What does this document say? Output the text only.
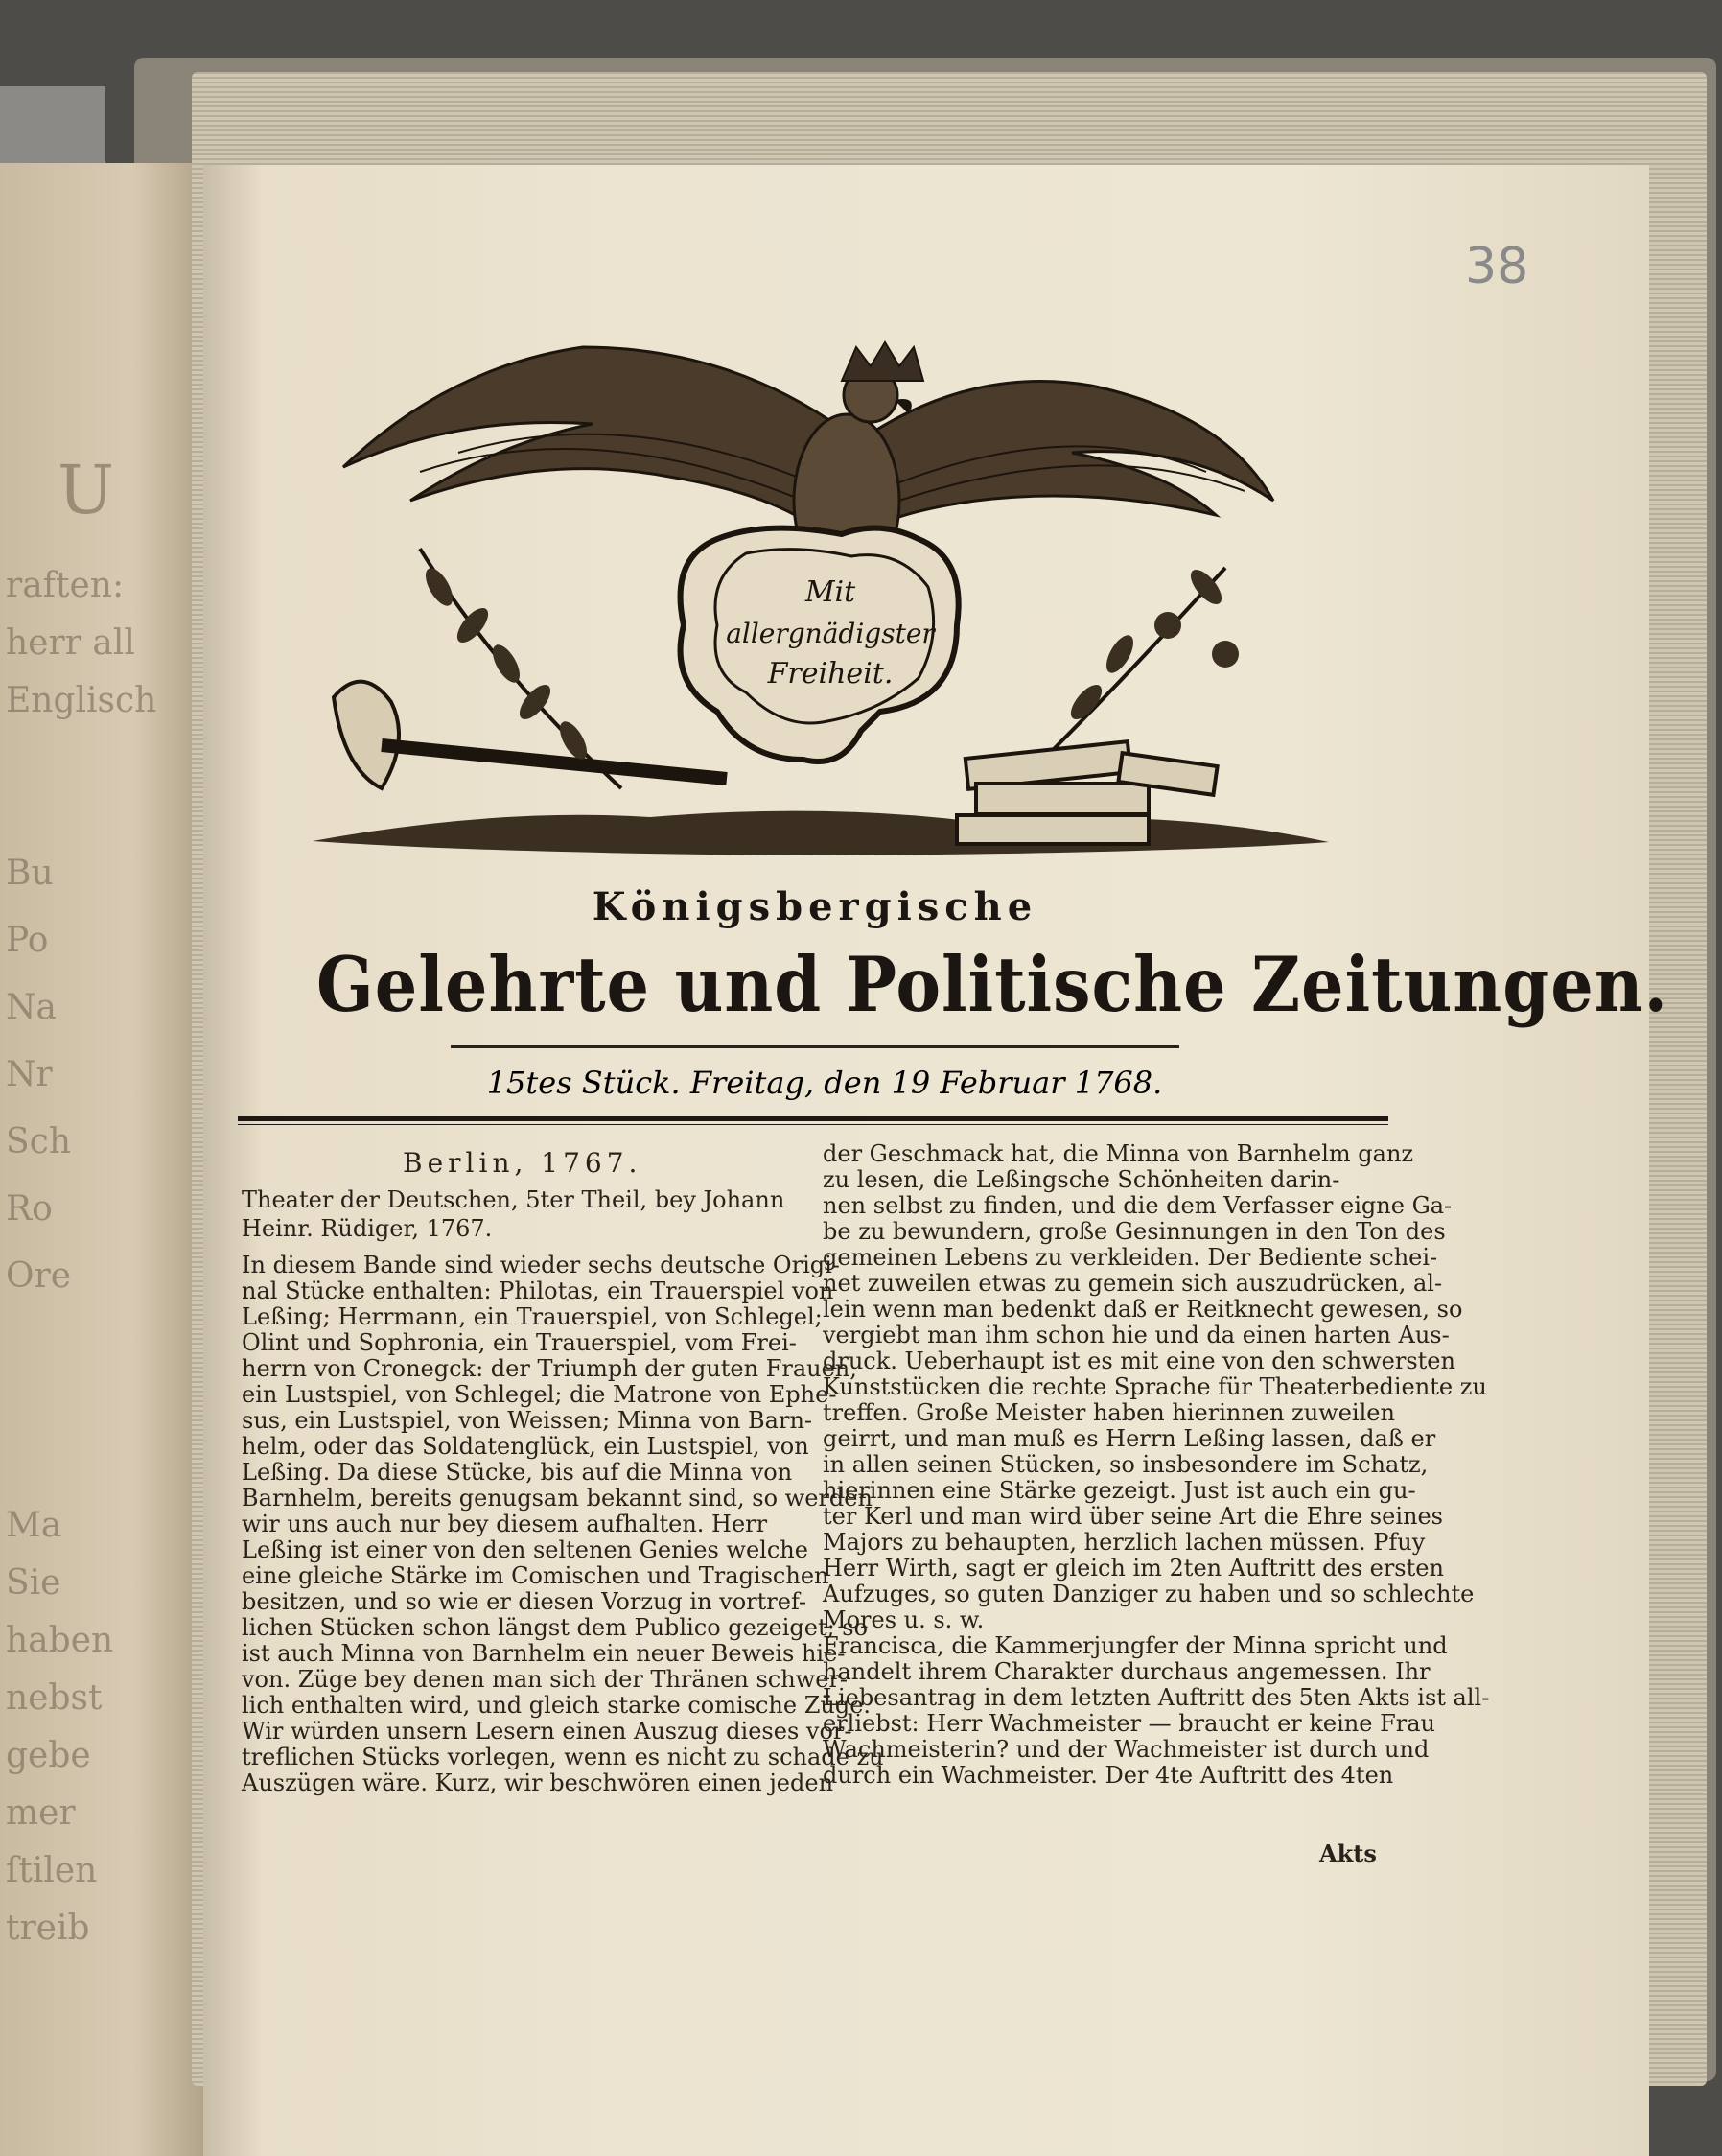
U
raften:
herr all
Englisch
Bu
Po
Na
Nr
Sch
Ro
Ore
Ma
Sie
haben
nebst
gebe
mer
ſtilen
treib
38
Mit
allergnädigster
Freiheit.
Königsbergische
Gelehrte und Politische Zeitungen.
15tes Stück. Freitag, den 19 Februar 1768.
Berlin, 1767.
Theater der Deutschen, 5ter Theil, bey Johann
Heinr. Rüdiger, 1767.
In diesem Bande sind wieder sechs deutsche Origi-
nal Stücke enthalten: Philotas, ein Trauerspiel von
Leßing; Herrmann, ein Trauerspiel, von Schlegel;
Olint und Sophronia, ein Trauerspiel, vom Frei-
herrn von Cronegck: der Triumph der guten Frauen,
ein Lustspiel, von Schlegel; die Matrone von Ephe-
sus, ein Lustspiel, von Weissen; Minna von Barn-
helm, oder das Soldatenglück, ein Lustspiel, von
Leßing. Da diese Stücke, bis auf die Minna von
Barnhelm, bereits genugsam bekannt sind, so werden
wir uns auch nur bey diesem aufhalten. Herr
Leßing ist einer von den seltenen Genies welche
eine gleiche Stärke im Comischen und Tragischen
besitzen, und so wie er diesen Vorzug in vortref-
lichen Stücken schon längst dem Publico gezeiget; so
ist auch Minna von Barnhelm ein neuer Beweis hie-
von. Züge bey denen man sich der Thränen schwer-
lich enthalten wird, und gleich starke comische Züge.
Wir würden unsern Lesern einen Auszug dieses vor-
treflichen Stücks vorlegen, wenn es nicht zu schade zu
Auszügen wäre. Kurz, wir beschwören einen jeden
der Geschmack hat, die Minna von Barnhelm ganz
zu lesen, die Leßingsche Schönheiten darin-
nen selbst zu finden, und die dem Verfasser eigne Ga-
be zu bewundern, große Gesinnungen in den Ton des
gemeinen Lebens zu verkleiden. Der Bediente schei-
net zuweilen etwas zu gemein sich auszudrücken, al-
lein wenn man bedenkt daß er Reitknecht gewesen, so
vergiebt man ihm schon hie und da einen harten Aus-
druck. Ueberhaupt ist es mit eine von den schwersten
Kunststücken die rechte Sprache für Theaterbediente zu
treffen. Große Meister haben hierinnen zuweilen
geirrt, und man muß es Herrn Leßing lassen, daß er
in allen seinen Stücken, so insbesondere im Schatz,
hierinnen eine Stärke gezeigt. Just ist auch ein gu-
ter Kerl und man wird über seine Art die Ehre seines
Majors zu behaupten, herzlich lachen müssen. Pfuy
Herr Wirth, sagt er gleich im 2ten Auftritt des ersten
Aufzuges, so guten Danziger zu haben und so schlechte
Mores u. s. w.
Francisca, die Kammerjungfer der Minna spricht und
handelt ihrem Charakter durchaus angemessen. Ihr
Liebesantrag in dem letzten Auftritt des 5ten Akts ist all-
erliebst: Herr Wachmeister — braucht er keine Frau
Wachmeisterin? und der Wachmeister ist durch und
durch ein Wachmeister. Der 4te Auftritt des 4ten
Akts
